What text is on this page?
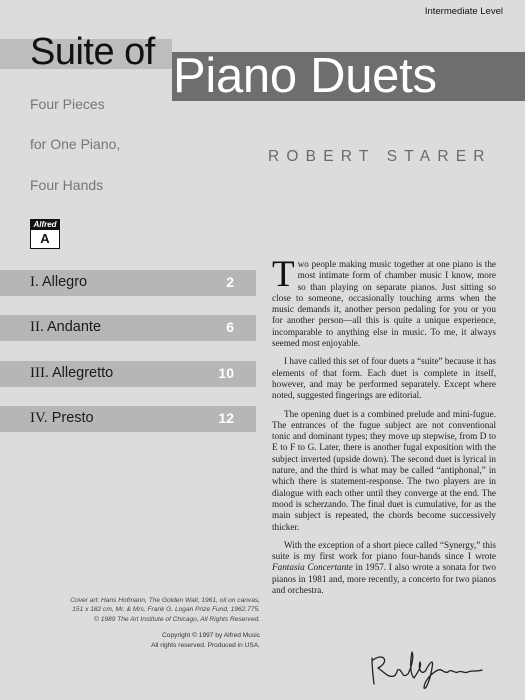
Intermediate Level
Suite of Piano Duets
ROBERT STARER
Four Pieces
for One Piano,
Four Hands
Alfred
A
I. Allegro	2
II. Andante	6
III. Allegretto	10
IV. Presto	12
Cover art: Hans Hofmann, The Golden Wall, 1961, oil on canvas,
151 x 182 cm, Mr. & Mrs. Frank G. Logan Prize Fund, 1962.775.
© 1989 The Art Institute of Chicago, All Rights Reserved.
Copyright © 1997 by Alfred Music
All rights reserved. Produced in USA.

Two people making music together at one piano is the most intimate form of chamber music I know, more so than playing on separate pianos. Just sitting so close to someone, occasionally touching arms when the music demands it, another person pedaling for you or you for another person—all this is quite a unique experience, incomparable to anything else in music. To me, it always seemed most enjoyable.

I have called this set of four duets a “suite” because it has elements of that form. Each duet is complete in itself, however, and may be performed separately. Except where noted, suggested fingerings are editorial.

The opening duet is a combined prelude and mini-fugue. The entrances of the fugue subject are not conventional tonic and dominant types; they move up stepwise, from D to E to F to G. Later, there is another fugal exposition with the subject inverted (upside down). The second duet is lyrical in nature, and the third is what may be called “antiphonal,” in which there is statement-response. The two players are in dialogue with each other until they converge at the end. The mood is scherzando. The final duet is cumulative, for as the main subject is repeated, the chords become successively thicker.

With the exception of a short piece called “Synergy,” this suite is my first work for piano four-hands since I wrote Fantasia Concertante in 1957. I also wrote a sonata for two pianos in 1981 and, more recently, a concerto for two pianos and orchestra.
